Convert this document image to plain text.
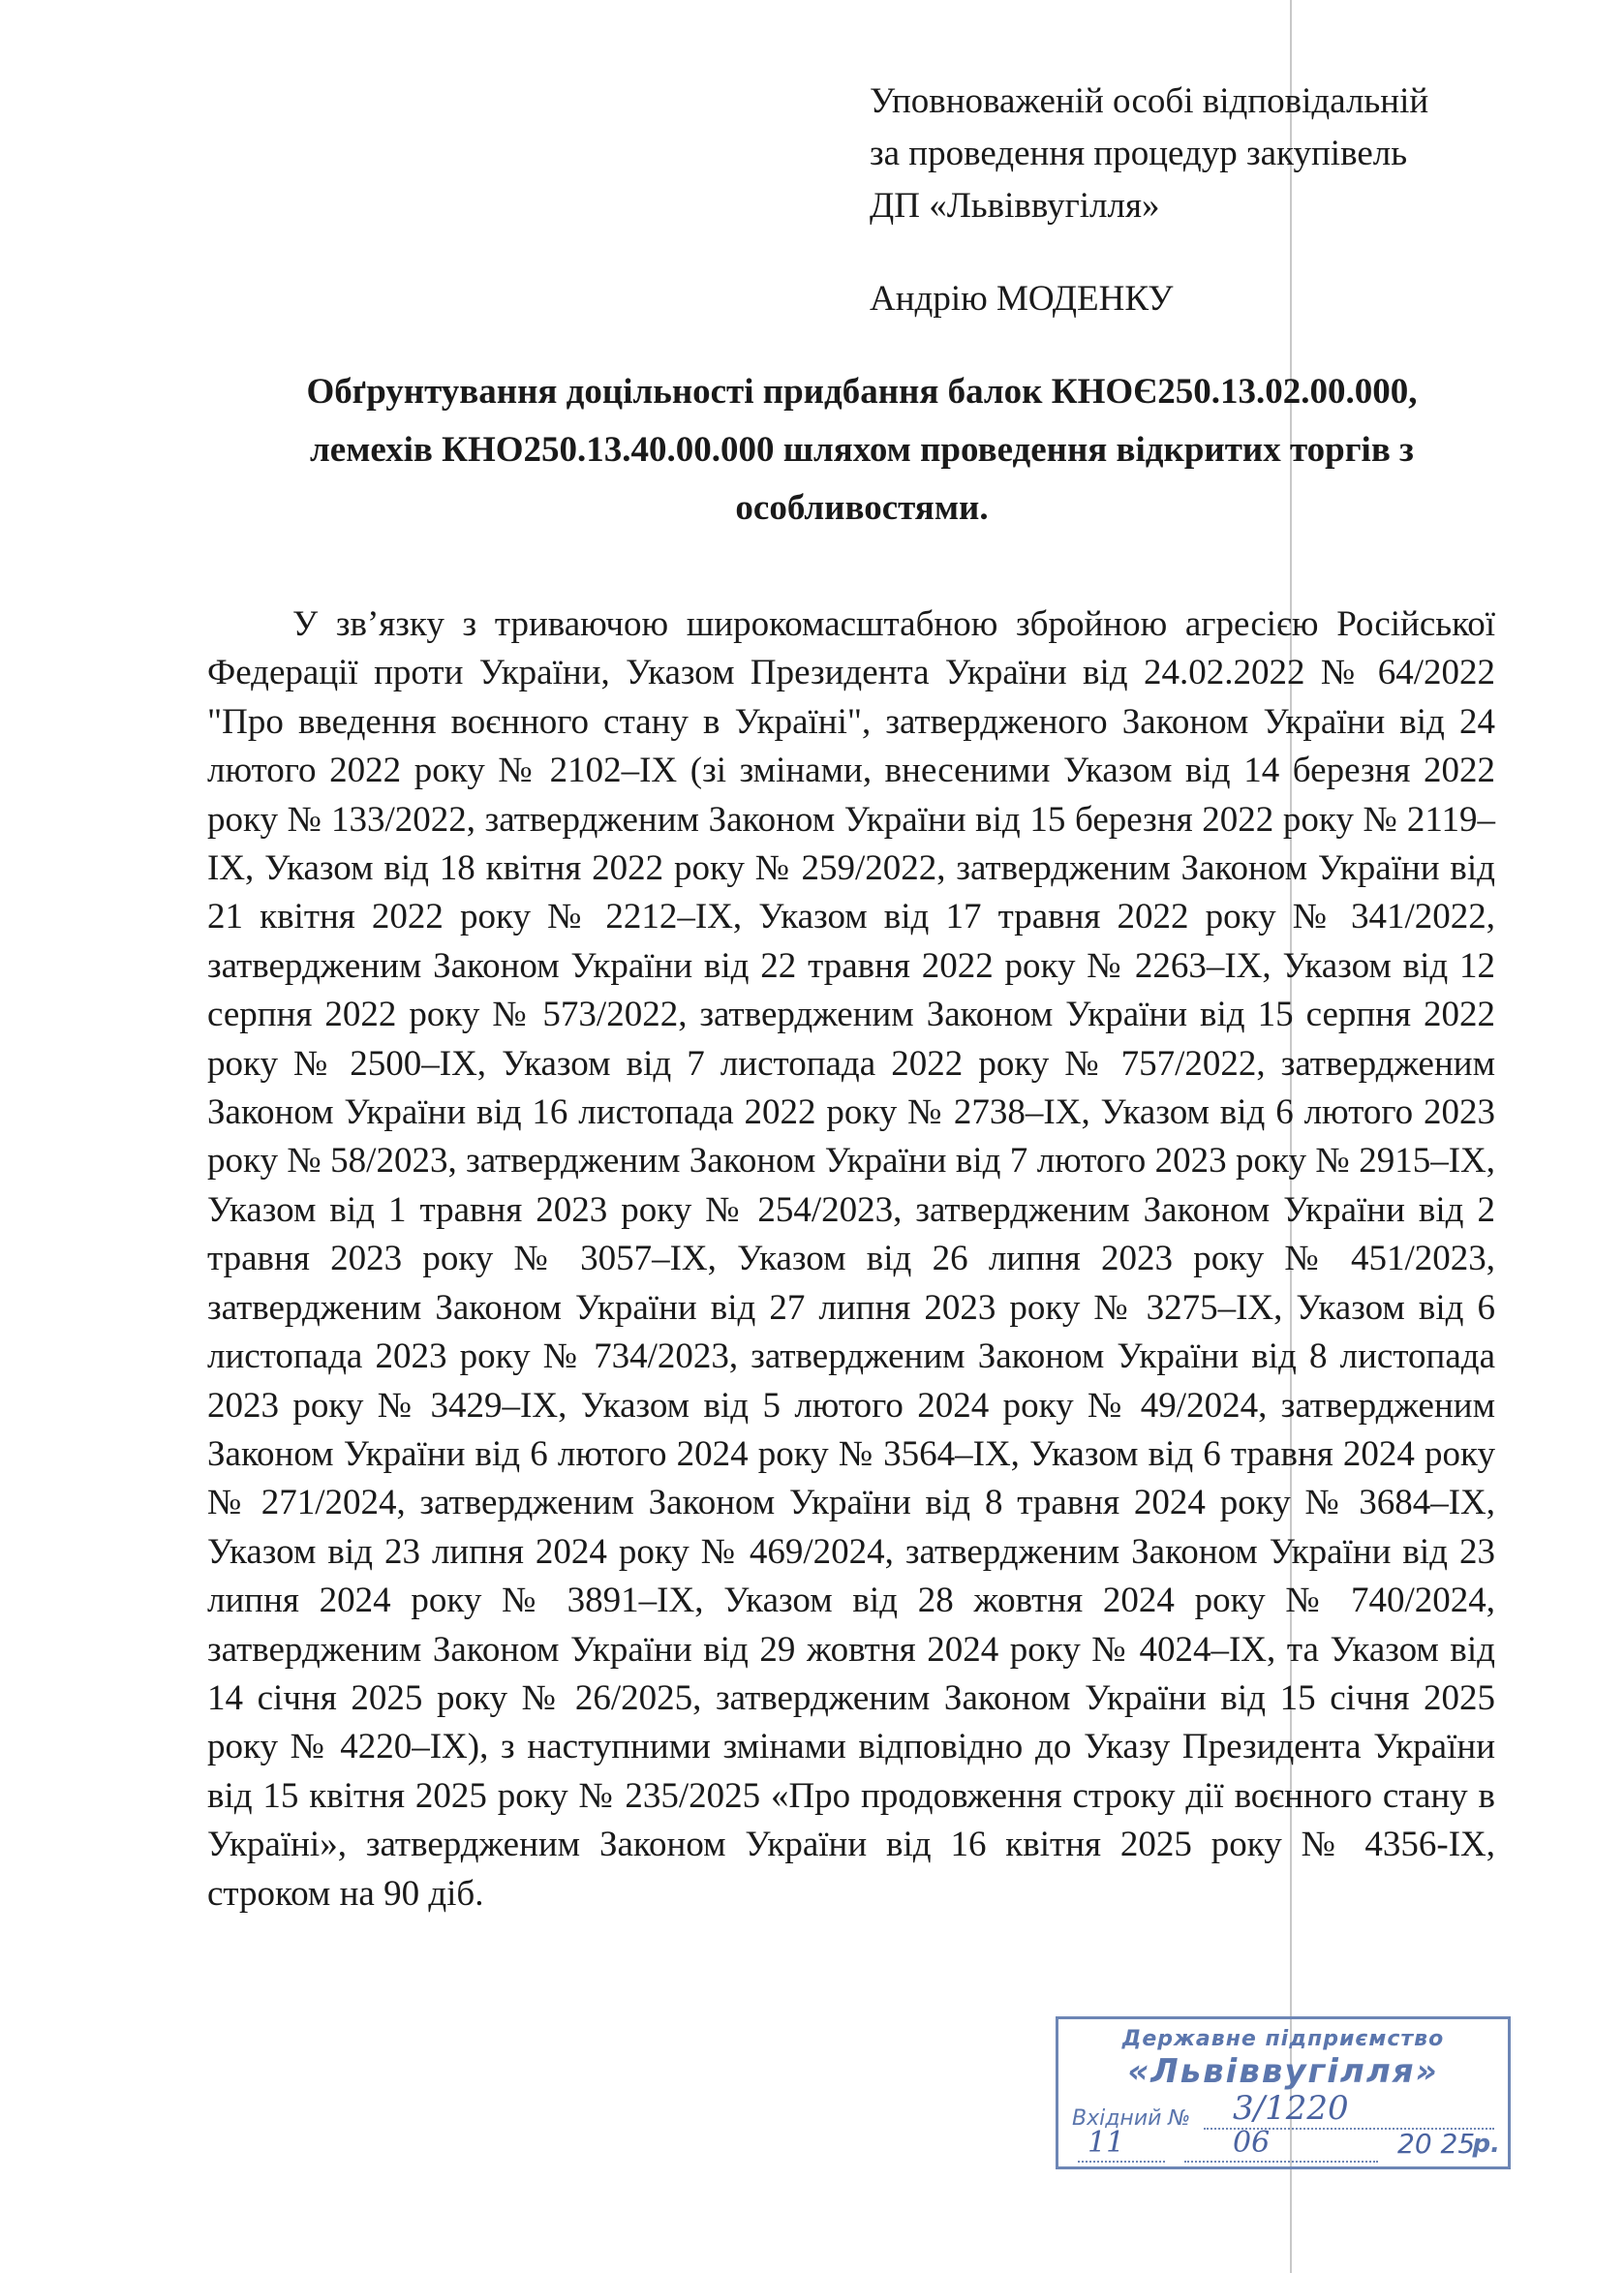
Уповноваженій особі відповідальній
за проведення процедур закупівель
ДП «Львіввугілля»
Андрію МОДЕНКУ
Обґрунтування доцільності придбання балок КНОЄ250.13.02.00.000,
лемехів КНО250.13.40.00.000 шляхом проведення відкритих торгів з
особливостями.

У зв’язку з триваючою широкомасштабною збройною агресією Російської Федерації проти України, Указом Президента України від 24.02.2022 № 64/2022 "Про введення воєнного стану в Україні", затвердженого Законом України від 24 лютого 2022 року № 2102–IX (зі змінами, внесеними Указом від 14 березня 2022 року № 133/2022, затвердженим Законом України від 15 березня 2022 року № 2119–IX, Указом від 18 квітня 2022 року № 259/2022, затвердженим Законом України від 21 квітня 2022 року № 2212–IX, Указом від 17 травня 2022 року № 341/2022, затвердженим Законом України від 22 травня 2022 року № 2263–IX, Указом від 12 серпня 2022 року № 573/2022, затвердженим Законом України від 15 серпня 2022 року № 2500–IX, Указом від 7 листопада 2022 року № 757/2022, затвердженим Законом України від 16 листопада 2022 року № 2738–IX, Указом від 6 лютого 2023 року № 58/2023, затвердженим Законом України від 7 лютого 2023 року № 2915–IX, Указом від 1 травня 2023 року № 254/2023, затвердженим Законом України від 2 травня 2023 року № 3057–IX, Указом від 26 липня 2023 року № 451/2023, затвердженим Законом України від 27 липня 2023 року № 3275–IX, Указом від 6 листопада 2023 року № 734/2023, затвердженим Законом України від 8 листопада 2023 року № 3429–IX, Указом від 5 лютого 2024 року № 49/2024, затвердженим Законом України від 6 лютого 2024 року № 3564–IX, Указом від 6 травня 2024 року № 271/2024, затвердженим Законом України від 8 травня 2024 року № 3684–IX, Указом від 23 липня 2024 року № 469/2024, затвердженим Законом України від 23 липня 2024 року № 3891–IX, Указом від 28 жовтня 2024 року № 740/2024, затвердженим Законом України від 29 жовтня 2024 року № 4024–IX, та Указом від 14 січня 2025 року № 26/2025, затвердженим Законом України від 15 січня 2025 року № 4220–IX), з наступними змінами відповідно до Указу Президента України від 15 квітня 2025 року № 235/2025 «Про продовження строку дії воєнного стану в Україні», затвердженим Законом України від 16 квітня 2025 року № 4356-IX, строком на 90 діб.

Державне підприємство
«Львіввугілля»
Вхідний № 3/1220
11	06	20 25
р.
